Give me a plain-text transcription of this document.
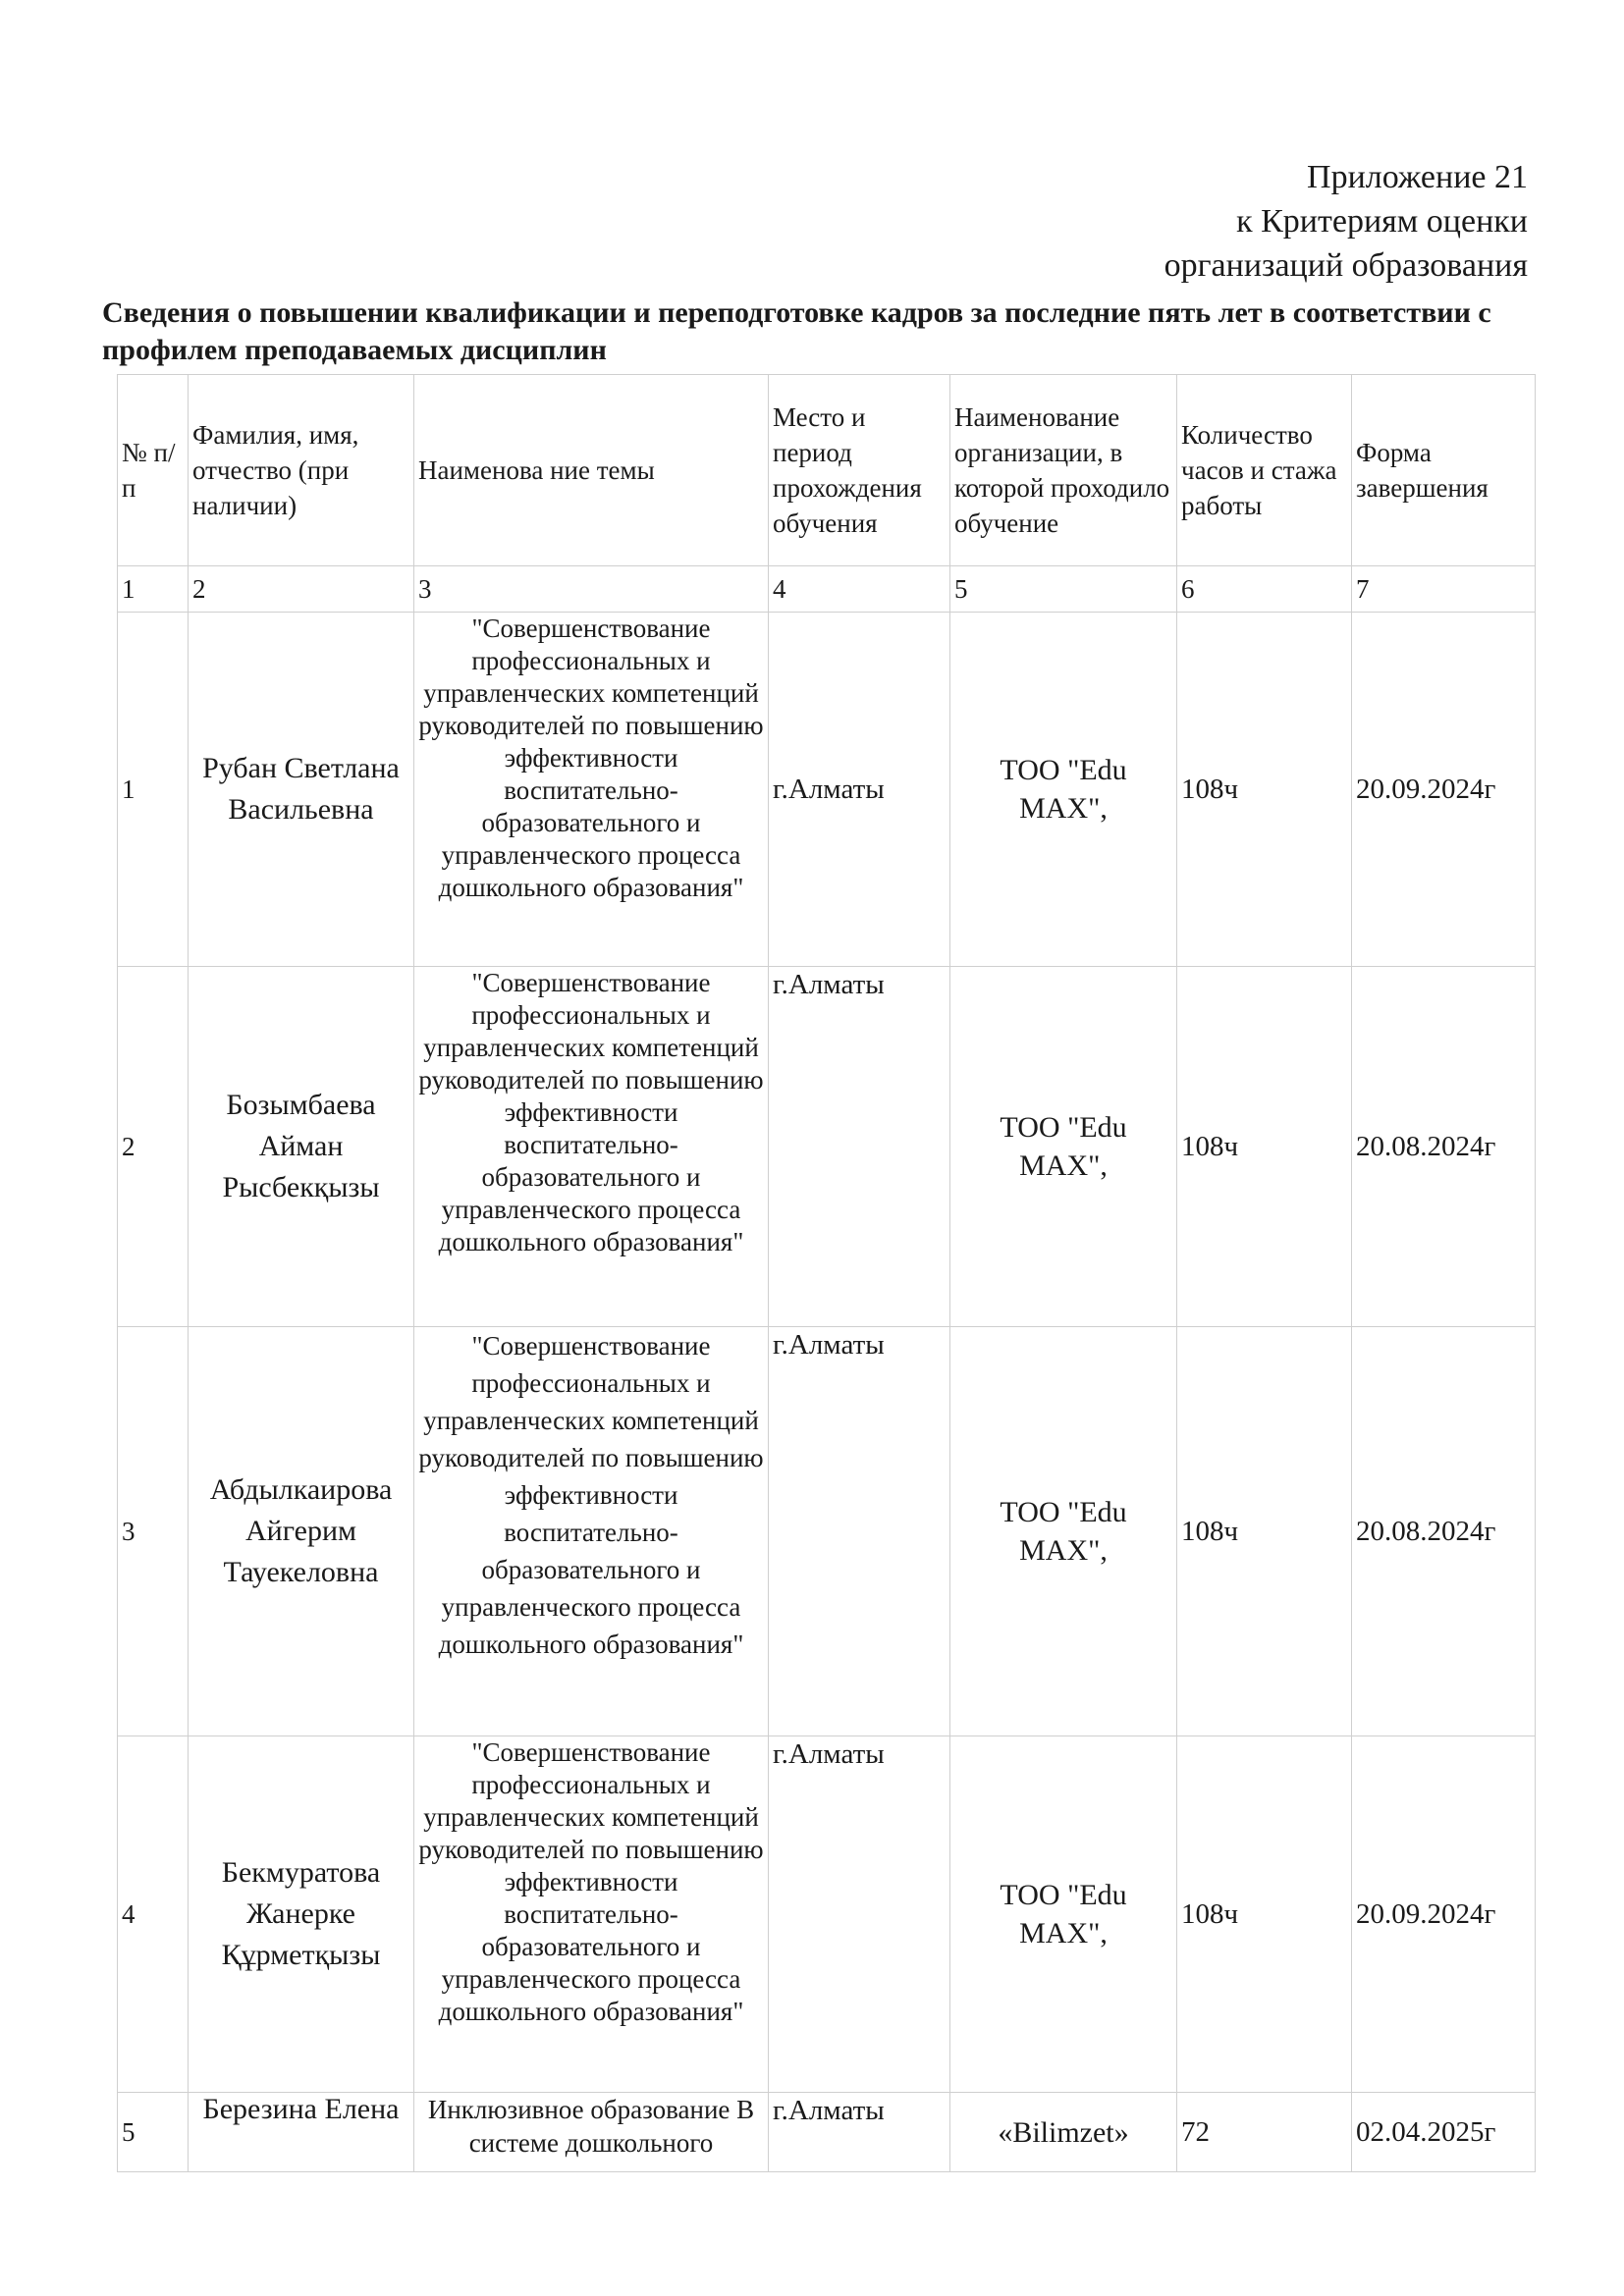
Приложение 21
к Критериям оценки
организаций образования
Сведения о повышении квалификации и переподготовке кадров за последние пять лет в соответствии с профилем преподаваемых дисциплин
№ п/п	Фамилия, имя, отчество (при наличии)	Наименова ние темы	Место и период прохождения обучения	Наименование организации, в которой проходило обучение	Количество часов и стажа работы	Форма завершения
1	2	3	4	5	6	7
1	Рубан Светлана Васильевна	"Совершенствование профессиональных и управленческих компетенций руководителей по повышению эффективности воспитательно-образовательного и управленческого процесса дошкольного образования"	г.Алматы	ТОО "Edu MAX",	108ч	20.09.2024г
2	Бозымбаева Айман Рысбекқызы	"Совершенствование профессиональных и управленческих компетенций руководителей по повышению эффективности воспитательно-образовательного и управленческого процесса дошкольного образования"	г.Алматы	ТОО "Edu MAX",	108ч	20.08.2024г
3	Абдылкаирова Айгерим Тауекеловна	"Совершенствование профессиональных и управленческих компетенций руководителей по повышению эффективности воспитательно-образовательного и управленческого процесса дошкольного образования"	г.Алматы	ТОО "Edu MAX",	108ч	20.08.2024г
4	Бекмуратова Жанерке Құрметқызы	"Совершенствование профессиональных и управленческих компетенций руководителей по повышению эффективности воспитательно-образовательного и управленческого процесса дошкольного образования"	г.Алматы	ТОО "Edu MAX",	108ч	20.09.2024г
5	Березина Елена	Инклюзивное образование В системе дошкольного	г.Алматы	«Bilimzet»	72	02.04.2025г
